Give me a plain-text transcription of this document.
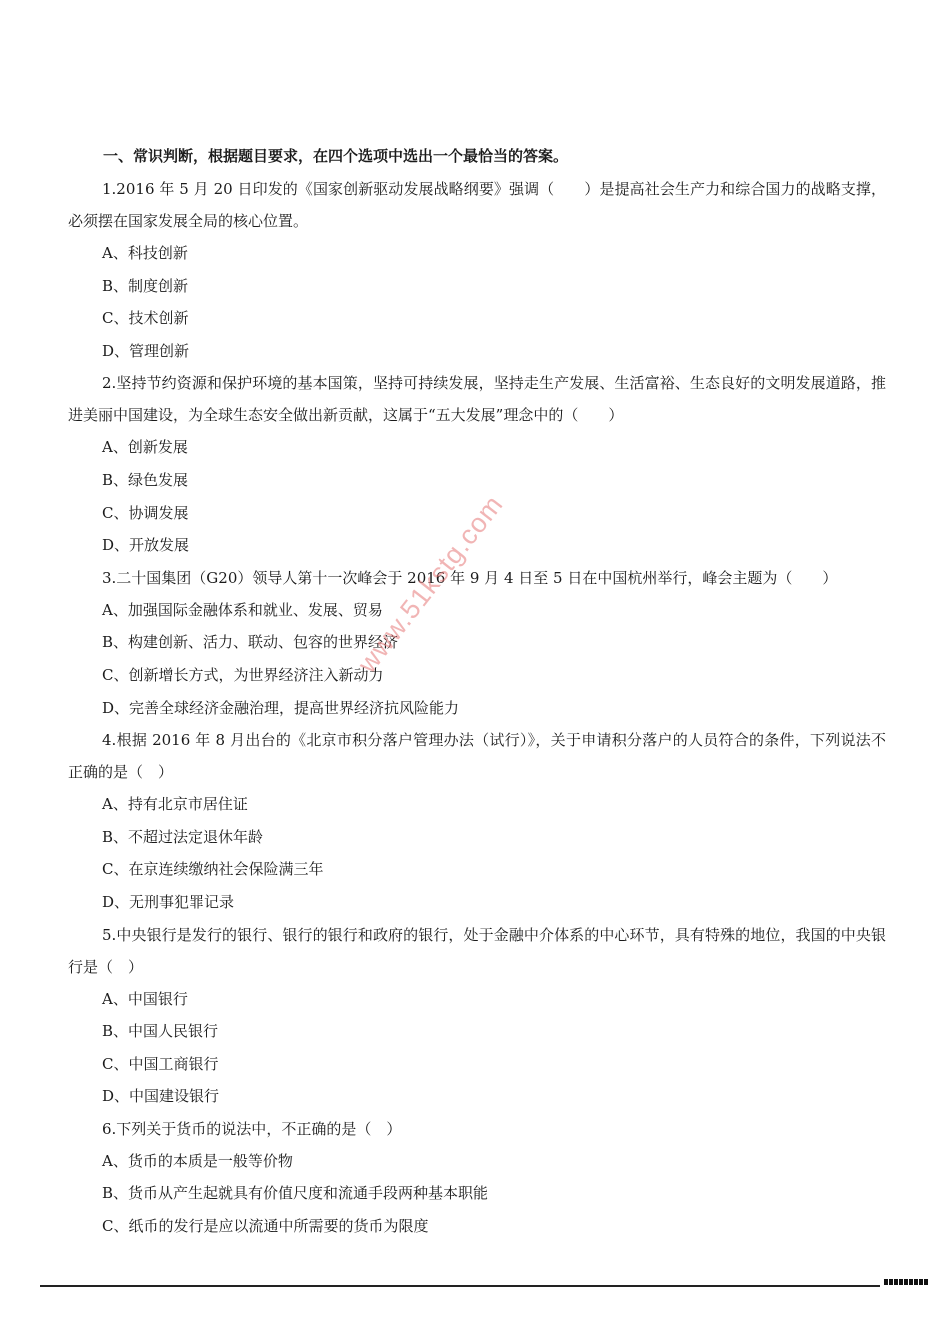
一、常识判断，根据题目要求，在四个选项中选出一个最恰当的答案。

1.2016 年 5 月 20 日印发的《国家创新驱动发展战略纲要》强调（　　）是提高社会生产力和综合国力的战略支撑，必须摆在国家发展全局的核心位置。

A、科技创新

B、制度创新

C、技术创新

D、管理创新

2.坚持节约资源和保护环境的基本国策，坚持可持续发展，坚持走生产发展、生活富裕、生态良好的文明发展道路，推进美丽中国建设，为全球生态安全做出新贡献，这属于“五大发展”理念中的（　　）

A、创新发展

B、绿色发展

C、协调发展

D、开放发展

3.二十国集团（G20）领导人第十一次峰会于 2016 年 9 月 4 日至 5 日在中国杭州举行，峰会主题为（　　）

A、加强国际金融体系和就业、发展、贸易

B、构建创新、活力、联动、包容的世界经济

C、创新增长方式，为世界经济注入新动力

D、完善全球经济金融治理，提高世界经济抗风险能力

4.根据 2016 年 8 月出台的《北京市积分落户管理办法（试行）》，关于申请积分落户的人员符合的条件，下列说法不正确的是（　）

A、持有北京市居住证

B、不超过法定退休年龄

C、在京连续缴纳社会保险满三年

D、无刑事犯罪记录

5.中央银行是发行的银行、银行的银行和政府的银行，处于金融中介体系的中心环节，具有特殊的地位，我国的中央银行是（　）

A、中国银行

B、中国人民银行

C、中国工商银行

D、中国建设银行

6.下列关于货币的说法中，不正确的是（　）

A、货币的本质是一般等价物

B、货币从产生起就具有价值尺度和流通手段两种基本职能

C、纸币的发行是应以流通中所需要的货币为限度

www.51kstg.com
